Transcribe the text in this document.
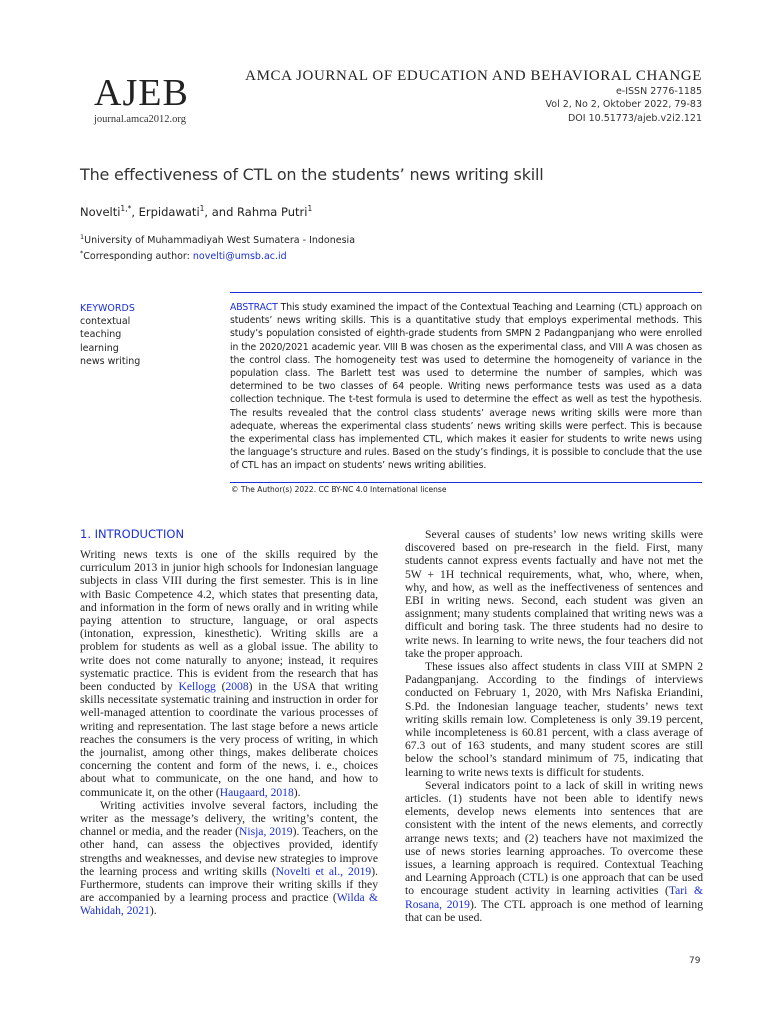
AJEB
journal.amca2012.org
AMCA JOURNAL OF EDUCATION AND BEHAVIORAL CHANGE
e-ISSN 2776-1185
Vol 2, No 2, Oktober 2022, 79-83
DOI 10.51773/ajeb.v2i2.121
The effectiveness of CTL on the students’ news writing skill
Novelti$^{1,*}$, Erpidawati$^1$, and Rahma Putri$^1$
$^1$University of Muhammadiyah West Sumatera - Indonesia
*Corresponding author: novelti@umsb.ac.id
KEYWORDS
contextual
teaching
learning
news writing
ABSTRACT This study examined the impact of the Contextual Teaching and Learning (CTL) approach on students’ news writing skills. This is a quantitative study that employs experimental methods. This study’s population consisted of eighth-grade students from SMPN 2 Padangpanjang who were enrolled in the 2020/2021 academic year. VIII B was chosen as the experimental class, and VIII A was chosen as the control class. The homogeneity test was used to determine the homogeneity of variance in the population class. The Barlett test was used to determine the number of samples, which was determined to be two classes of 64 people. Writing news performance tests was used as a data collection technique. The t-test formula is used to determine the effect as well as test the hypothesis. The results revealed that the control class students’ average news writing skills were more than adequate, whereas the experimental class students’ news writing skills were perfect. This is because the experimental class has implemented CTL, which makes it easier for students to write news using the language’s structure and rules. Based on the study’s findings, it is possible to conclude that the use of CTL has an impact on students’ news writing abilities.
© The Author(s) 2022. CC BY-NC 4.0 International license
1. INTRODUCTION

Writing news texts is one of the skills required by the curriculum 2013 in junior high schools for Indonesian language subjects in class VIII during the first semester. This is in line with Basic Competence 4.2, which states that presenting data, and information in the form of news orally and in writing while paying attention to structure, language, or oral aspects (intonation, expression, kinesthetic). Writing skills are a problem for students as well as a global issue. The ability to write does not come naturally to anyone; instead, it requires systematic practice. This is evident from the research that has been conducted by Kellogg (2008) in the USA that writing skills necessitate systematic training and instruction in order for well-managed attention to coordinate the various processes of writing and representation. The last stage before a news article reaches the consumers is the very process of writing, in which the journalist, among other things, makes deliberate choices concerning the content and form of the news, i. e., choices about what to communicate, on the one hand, and how to communicate it, on the other (Haugaard, 2018).

Writing activities involve several factors, including the writer as the message’s delivery, the writing’s content, the channel or media, and the reader (Nisja, 2019). Teachers, on the other hand, can assess the objectives provided, identify strengths and weaknesses, and devise new strategies to improve the learning process and writing skills (Novelti et al., 2019). Furthermore, students can improve their writing skills if they are accompanied by a learning process and practice (Wilda & Wahidah, 2021).

Several causes of students’ low news writing skills were discovered based on pre-research in the field. First, many students cannot express events factually and have not met the 5W + 1H technical requirements, what, who, where, when, why, and how, as well as the ineffectiveness of sentences and EBI in writing news. Second, each student was given an assignment; many students complained that writing news was a difficult and boring task. The three students had no desire to write news. In learning to write news, the four teachers did not take the proper approach.

These issues also affect students in class VIII at SMPN 2 Padangpanjang. According to the findings of interviews conducted on February 1, 2020, with Mrs Nafiska Eriandini, S.Pd. the Indonesian language teacher, students’ news text writing skills remain low. Completeness is only 39.19 percent, while incompleteness is 60.81 percent, with a class average of 67.3 out of 163 students, and many student scores are still below the school’s standard minimum of 75, indicating that learning to write news texts is difficult for students.

Several indicators point to a lack of skill in writing news articles. (1) students have not been able to identify news elements, develop news elements into sentences that are consistent with the intent of the news elements, and correctly arrange news texts; and (2) teachers have not maximized the use of news stories learning approaches. To overcome these issues, a learning approach is required. Contextual Teaching and Learning Approach (CTL) is one approach that can be used to encourage student activity in learning activities (Tari & Rosana, 2019). The CTL approach is one method of learning that can be used.

79
